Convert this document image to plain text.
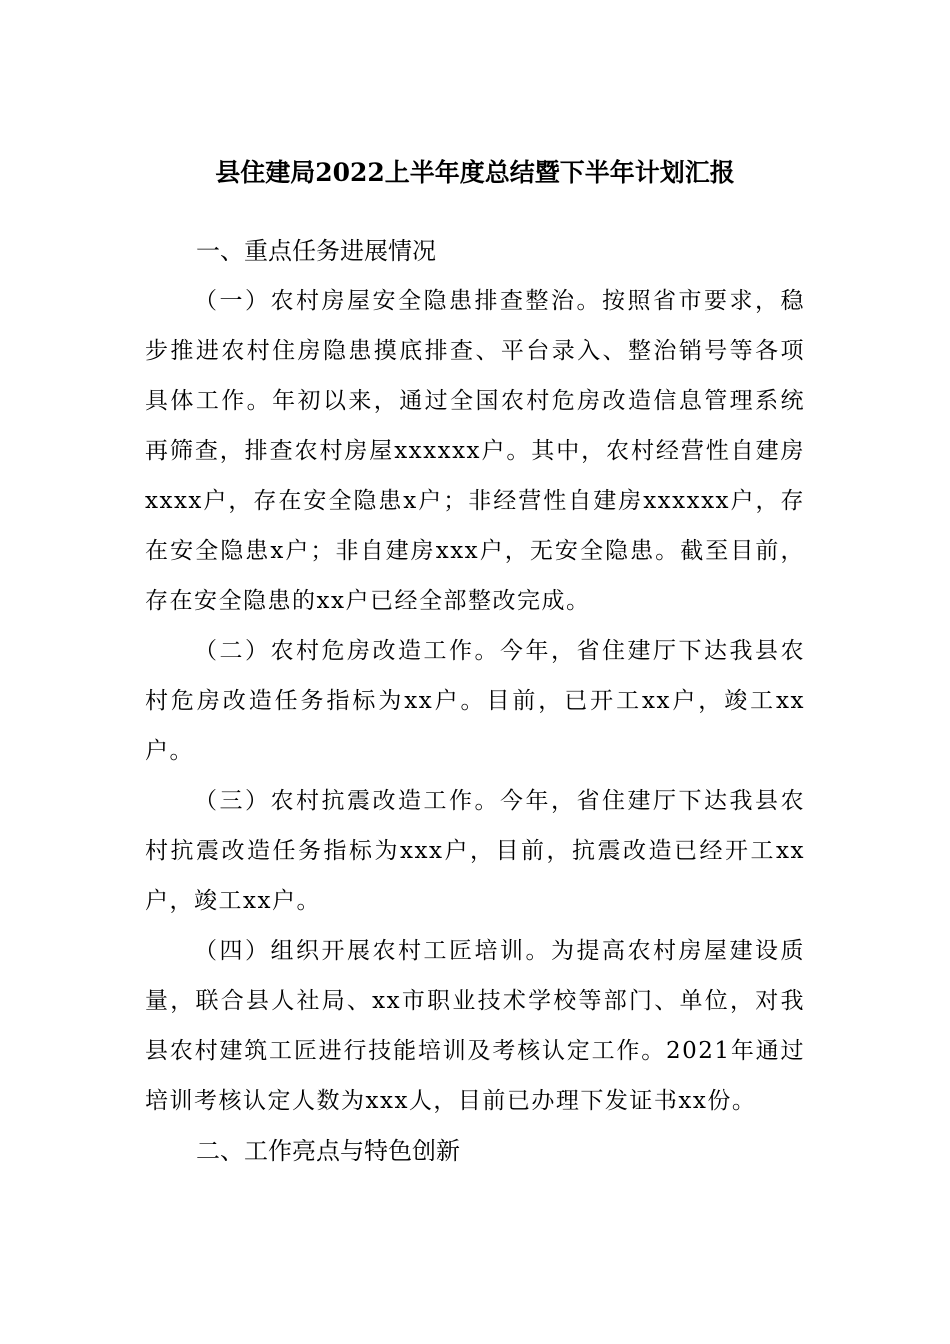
县住建局2022上半年度总结暨下半年计划汇报

一、重点任务进展情况

（一）农村房屋安全隐患排查整治。按照省市要求，稳步推进农村住房隐患摸底排查、平台录入、整治销号等各项具体工作。年初以来，通过全国农村危房改造信息管理系统再筛查，排查农村房屋xxxxxx户。其中，农村经营性自建房xxxx户，存在安全隐患x户；非经营性自建房xxxxxx户，存在安全隐患x户；非自建房xxx户，无安全隐患。截至目前，存在安全隐患的xx户已经全部整改完成。

（二）农村危房改造工作。今年，省住建厅下达我县农村危房改造任务指标为xx户。目前，已开工xx户，竣工xx户。

（三）农村抗震改造工作。今年，省住建厅下达我县农村抗震改造任务指标为xxx户，目前，抗震改造已经开工xx户，竣工xx户。

（四）组织开展农村工匠培训。为提高农村房屋建设质量，联合县人社局、xx市职业技术学校等部门、单位，对我县农村建筑工匠进行技能培训及考核认定工作。2021年通过培训考核认定人数为xxx人，目前已办理下发证书xx份。

二、工作亮点与特色创新
